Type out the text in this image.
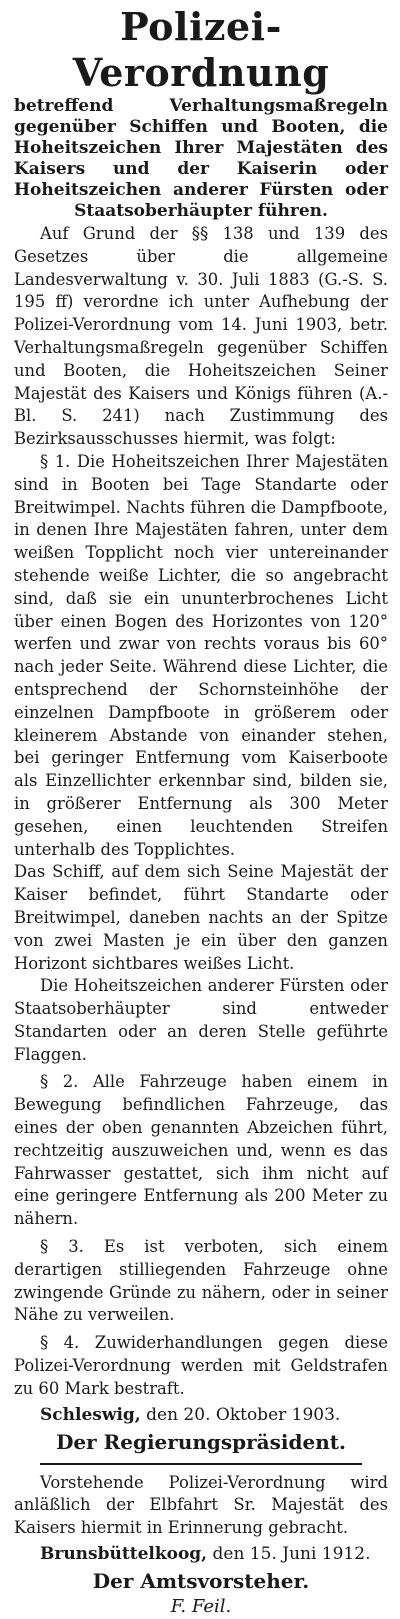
Polizei-Verordnung

betreffend Verhaltungsmaßregeln gegenüber Schiffen und Booten, die Hoheitszeichen Ihrer Majestäten des Kaisers und der Kaiserin oder Hoheitszeichen anderer Fürsten oder Staatsoberhäupter führen.

Auf Grund der §§ 138 und 139 des Gesetzes über die allgemeine Landesverwaltung v. 30. Juli 1883 (G.-S. S. 195 ff) verordne ich unter Aufhebung der Polizei-Verordnung vom 14. Juni 1903, betr. Verhaltungsmaßregeln gegenüber Schiffen und Booten, die Hoheitszeichen Seiner Majestät des Kaisers und Königs führen (A.-Bl. S. 241) nach Zustimmung des Bezirksausschusses hiermit, was folgt:

§ 1. Die Hoheitszeichen Ihrer Majestäten sind in Booten bei Tage Standarte oder Breitwimpel. Nachts führen die Dampfboote, in denen Ihre Majestäten fahren, unter dem weißen Topplicht noch vier untereinander stehende weiße Lichter, die so angebracht sind, daß sie ein ununterbrochenes Licht über einen Bogen des Horizontes von 120° werfen und zwar von rechts voraus bis 60° nach jeder Seite. Während diese Lichter, die entsprechend der Schornsteinhöhe der einzelnen Dampfboote in größerem oder kleinerem Abstande von einander stehen, bei geringer Entfernung vom Kaiserboote als Einzellichter erkennbar sind, bilden sie, in größerer Entfernung als 300 Meter gesehen, einen leuchtenden Streifen unterhalb des Topplichtes.

Das Schiff, auf dem sich Seine Majestät der Kaiser befindet, führt Standarte oder Breitwimpel, daneben nachts an der Spitze von zwei Masten je ein über den ganzen Horizont sichtbares weißes Licht.

Die Hoheitszeichen anderer Fürsten oder Staatsoberhäupter sind entweder Standarten oder an deren Stelle geführte Flaggen.

§ 2. Alle Fahrzeuge haben einem in Bewegung befindlichen Fahrzeuge, das eines der oben genannten Abzeichen führt, rechtzeitig auszuweichen und, wenn es das Fahrwasser gestattet, sich ihm nicht auf eine geringere Entfernung als 200 Meter zu nähern.

§ 3. Es ist verboten, sich einem derartigen stilliegenden Fahrzeuge ohne zwingende Gründe zu nähern, oder in seiner Nähe zu verweilen.

§ 4. Zuwiderhandlungen gegen diese Polizei-Verordnung werden mit Geldstrafen zu 60 Mark bestraft.

Schleswig, den 20. Oktober 1903.

Der Regierungspräsident.

Vorstehende Polizei-Verordnung wird anläßlich der Elbfahrt Sr. Majestät des Kaisers hiermit in Erinnerung gebracht.

Brunsbüttelkoog, den 15. Juni 1912.

Der Amtsvorsteher.

F. Feil.
